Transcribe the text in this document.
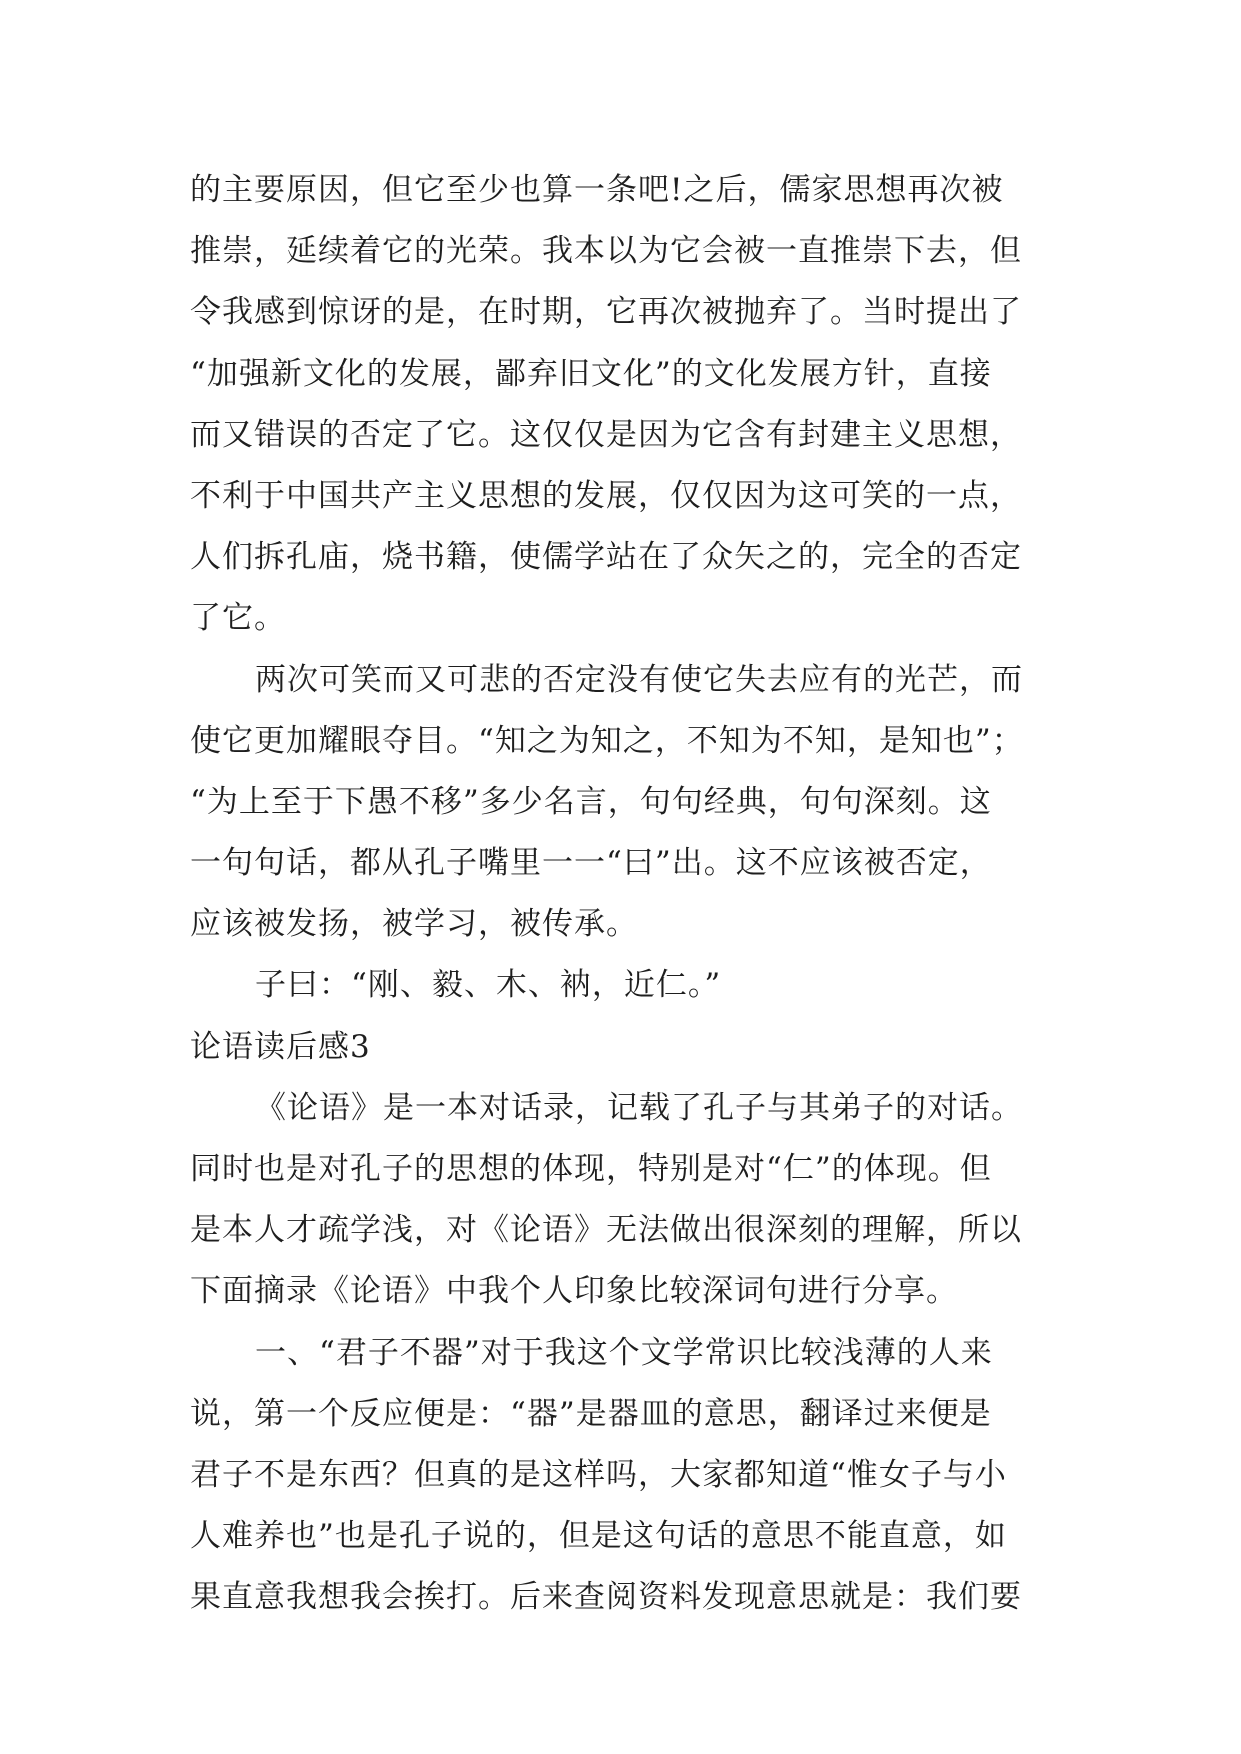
的主要原因，但它至少也算一条吧!之后，儒家思想再次被
推崇，延续着它的光荣。我本以为它会被一直推崇下去，但
令我感到惊讶的是，在时期，它再次被抛弃了。当时提出了
“加强新文化的发展，鄙弃旧文化”的文化发展方针，直接
而又错误的否定了它。这仅仅是因为它含有封建主义思想，
不利于中国共产主义思想的发展，仅仅因为这可笑的一点，
人们拆孔庙，烧书籍，使儒学站在了众矢之的，完全的否定
了它。
两次可笑而又可悲的否定没有使它失去应有的光芒，而
使它更加耀眼夺目。“知之为知之，不知为不知，是知也”；
“为上至于下愚不移”多少名言，句句经典，句句深刻。这
一句句话，都从孔子嘴里一一“曰”出。这不应该被否定，
应该被发扬，被学习，被传承。
子曰：“刚、毅、木、衲，近仁。”
论语读后感3
《论语》是一本对话录，记载了孔子与其弟子的对话。
同时也是对孔子的思想的体现，特别是对“仁”的体现。但
是本人才疏学浅，对《论语》无法做出很深刻的理解，所以
下面摘录《论语》中我个人印象比较深词句进行分享。
一、“君子不器”对于我这个文学常识比较浅薄的人来
说，第一个反应便是：“器”是器皿的意思，翻译过来便是
君子不是东西？但真的是这样吗，大家都知道“惟女子与小
人难养也”也是孔子说的，但是这句话的意思不能直意，如
果直意我想我会挨打。后来查阅资料发现意思就是：我们要
